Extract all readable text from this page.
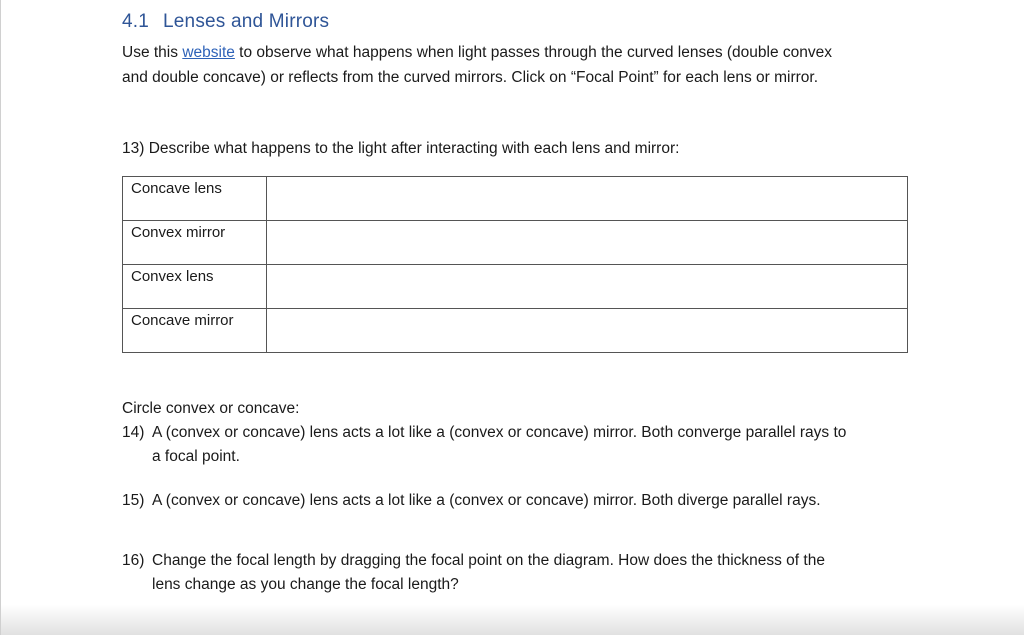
4.1 Lenses and Mirrors
Use this website to observe what happens when light passes through the curved lenses (double convex
and double concave) or reflects from the curved mirrors. Click on “Focal Point” for each lens or mirror.
13) Describe what happens to the light after interacting with each lens and mirror:
Concave lens	
Convex mirror	
Convex lens	
Concave mirror	
Circle convex or concave:
14) A (convex or concave) lens acts a lot like a (convex or concave) mirror. Both converge parallel rays to
a focal point.
15) A (convex or concave) lens acts a lot like a (convex or concave) mirror. Both diverge parallel rays.
16) Change the focal length by dragging the focal point on the diagram. How does the thickness of the
lens change as you change the focal length?
